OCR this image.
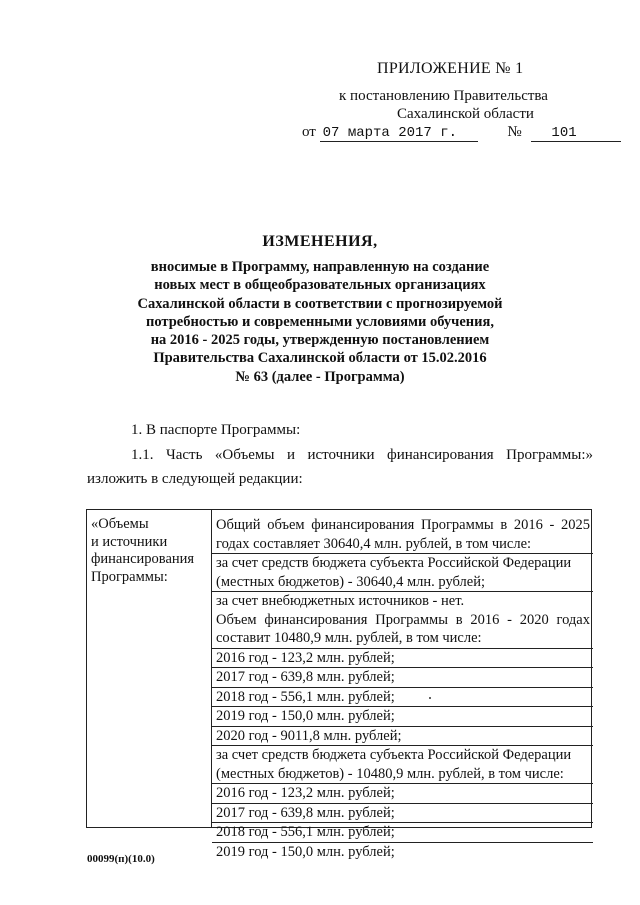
ПРИЛОЖЕНИЕ № 1
к постановлению Правительства
Сахалинской области
от 07 марта 2017 г.	№ 101
ИЗМЕНЕНИЯ,
вносимые в Программу, направленную на создание
новых мест в общеобразовательных организациях
Сахалинской области в соответствии с прогнозируемой
потребностью и современными условиями обучения,
на 2016 - 2025 годы, утвержденную постановлением
Правительства Сахалинской области от 15.02.2016
№ 63 (далее - Программа)
1. В паспорте Программы:
1.1. Часть «Объемы и источники финансирования Программы:»
изложить в следующей редакции:
«Объемы
и источники
финансирования
Программы:
Общий объем финансирования Программы в 2016 - 2025
годах составляет 30640,4 млн. рублей, в том числе:
за счет средств бюджета субъекта Российской Федерации
(местных бюджетов) - 30640,4 млн. рублей;
за счет внебюджетных источников - нет.
Объем финансирования Программы в 2016 - 2020 годах
составит 10480,9 млн. рублей, в том числе:
2016 год - 123,2 млн. рублей;
2017 год - 639,8 млн. рублей;
2018 год - 556,1 млн. рублей;
2019 год - 150,0 млн. рублей;
2020 год - 9011,8 млн. рублей;
за счет средств бюджета субъекта Российской Федерации
(местных бюджетов) - 10480,9 млн. рублей, в том числе:
2016 год - 123,2 млн. рублей;
2017 год - 639,8 млн. рублей;
2018 год - 556,1 млн. рублей;
2019 год - 150,0 млн. рублей;
00099(п)(10.0)
